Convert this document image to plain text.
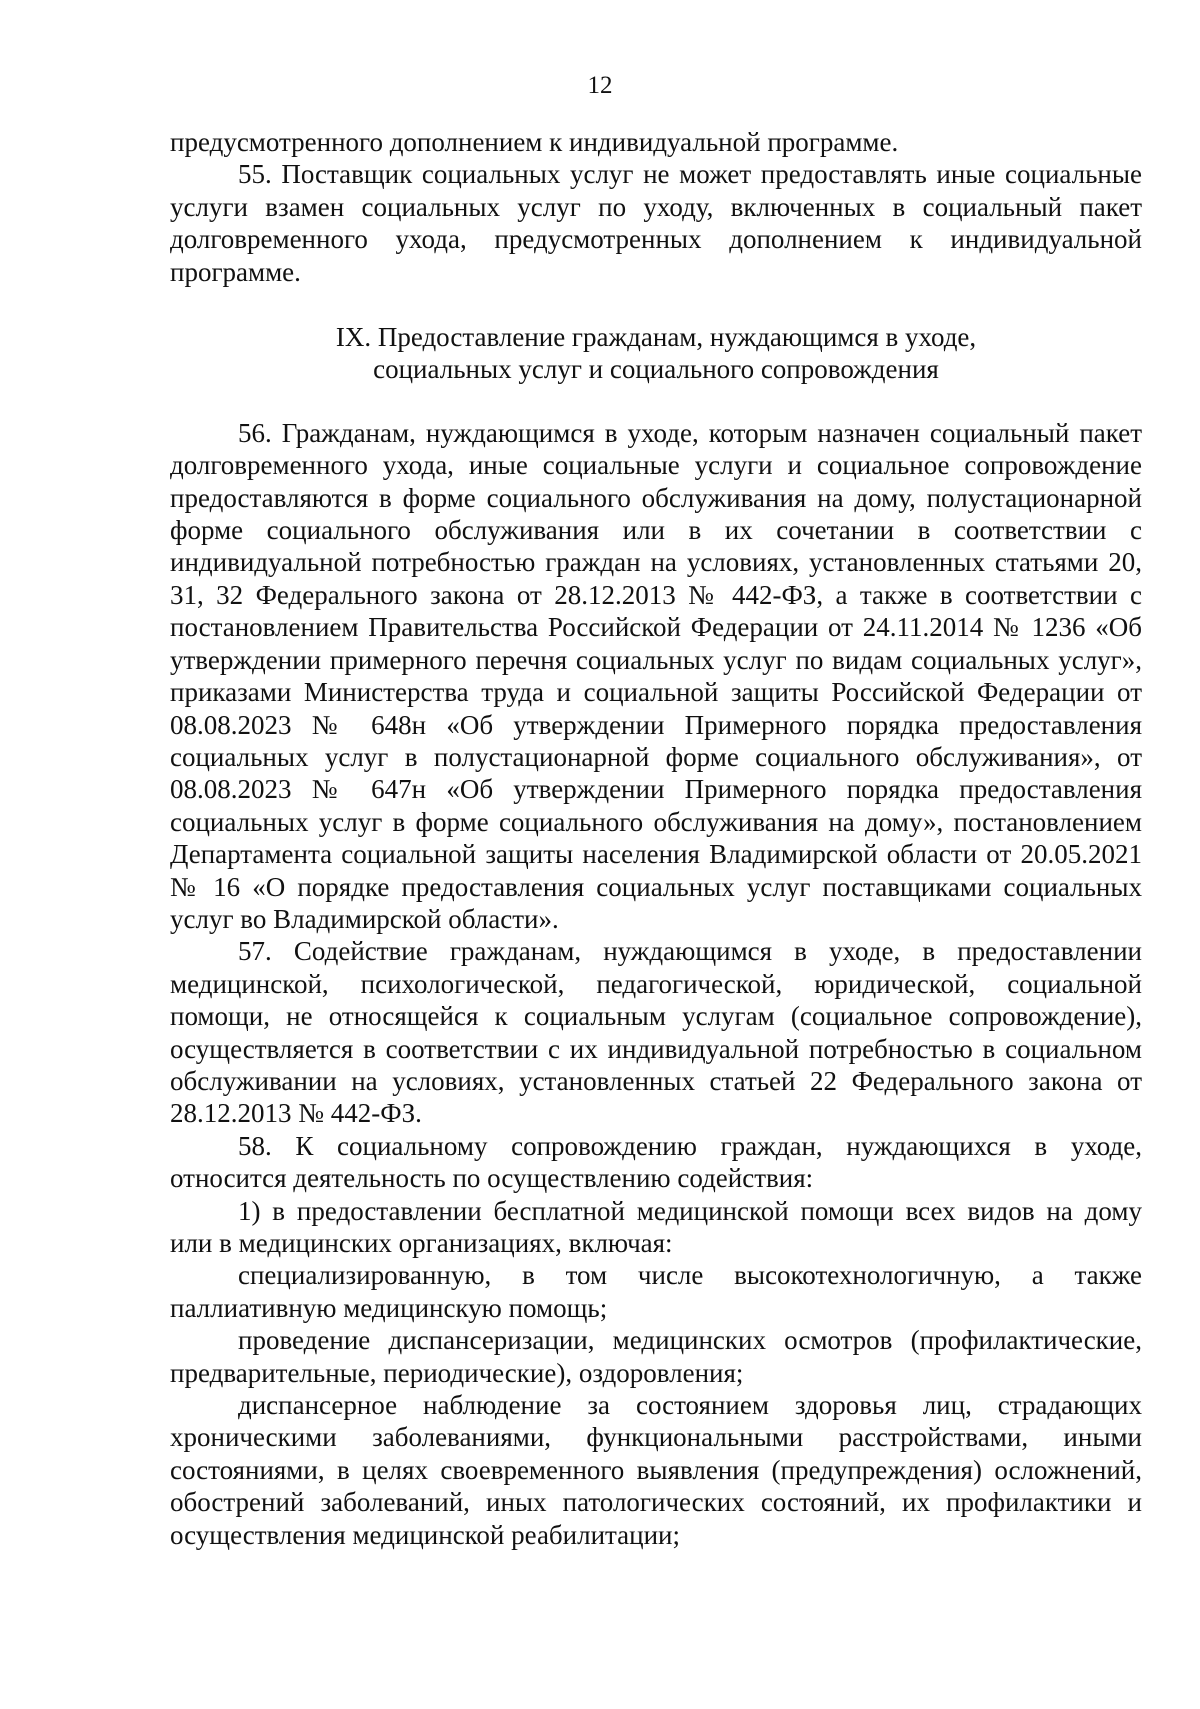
12

предусмотренного дополнением к индивидуальной программе.

55. Поставщик социальных услуг не может предоставлять иные социальные услуги взамен социальных услуг по уходу, включенных в социальный пакет долговременного ухода, предусмотренных дополнением к индивидуальной программе.

IX. Предоставление гражданам, нуждающимся в уходе,
социальных услуг и социального сопровождения

56. Гражданам, нуждающимся в уходе, которым назначен социальный пакет долговременного ухода, иные социальные услуги и социальное сопровождение предоставляются в форме социального обслуживания на дому, полустационарной форме социального обслуживания или в их сочетании в соответствии с индивидуальной потребностью граждан на условиях, установленных статьями 20, 31, 32 Федерального закона от 28.12.2013 № 442-ФЗ, а также в соответствии с постановлением Правительства Российской Федерации от 24.11.2014 № 1236 «Об утверждении примерного перечня социальных услуг по видам социальных услуг», приказами Министерства труда и социальной защиты Российской Федерации от 08.08.2023 № 648н «Об утверждении Примерного порядка предоставления социальных услуг в полустационарной форме социального обслуживания», от 08.08.2023 № 647н «Об утверждении Примерного порядка предоставления социальных услуг в форме социального обслуживания на дому», постановлением Департамента социальной защиты населения Владимирской области от 20.05.2021 № 16 «О порядке предоставления социальных услуг поставщиками социальных услуг во Владимирской области».

57. Содействие гражданам, нуждающимся в уходе, в предоставлении медицинской, психологической, педагогической, юридической, социальной помощи, не относящейся к социальным услугам (социальное сопровождение), осуществляется в соответствии с их индивидуальной потребностью в социальном обслуживании на условиях, установленных статьей 22 Федерального закона от 28.12.2013 № 442-ФЗ.

58. К социальному сопровождению граждан, нуждающихся в уходе, относится деятельность по осуществлению содействия:

1) в предоставлении бесплатной медицинской помощи всех видов на дому или в медицинских организациях, включая:

специализированную, в том числе высокотехнологичную, а также паллиативную медицинскую помощь;

проведение диспансеризации, медицинских осмотров (профилактические, предварительные, периодические), оздоровления;

диспансерное наблюдение за состоянием здоровья лиц, страдающих хроническими заболеваниями, функциональными расстройствами, иными состояниями, в целях своевременного выявления (предупреждения) осложнений, обострений заболеваний, иных патологических состояний, их профилактики и осуществления медицинской реабилитации;
